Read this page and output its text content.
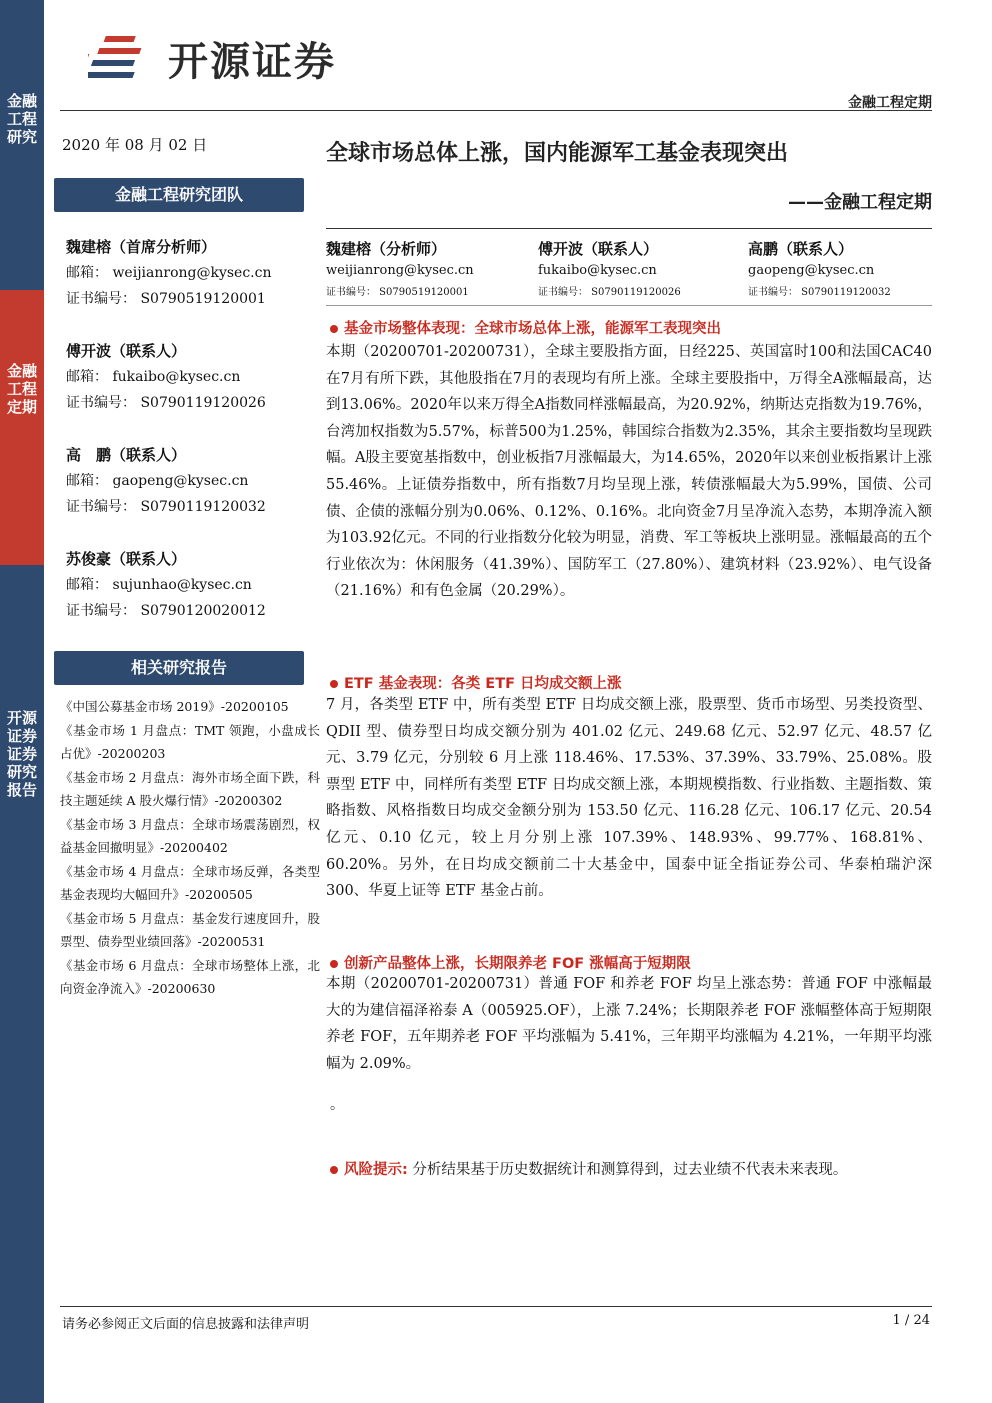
金融工程研究
金融工程定期
开源证券 证券研究报告
开源证券
金融工程定期
2020 年 08 月 02 日	全球市场总体上涨，国内能源军工基金表现突出
——金融工程定期
金融工程研究团队
魏建榕（首席分析师）
邮箱： weijianrong@kysec.cn
证书编号： S0790519120001
傅开波（联系人）
邮箱： fukaibo@kysec.cn
证书编号： S0790119120026
高　鹏（联系人）
邮箱： gaopeng@kysec.cn
证书编号： S0790119120032
苏俊豪（联系人）
邮箱： sujunhao@kysec.cn
证书编号： S0790120020012
魏建榕（分析师）
weijianrong@kysec.cn
证书编号： S0790519120001
傅开波（联系人）
fukaibo@kysec.cn
证书编号： S0790119120026
高鹏（联系人）
gaopeng@kysec.cn
证书编号： S0790119120032
相关研究报告
《中国公募基金市场 2019》-20200105
《基金市场 1 月盘点：TMT 领跑，小盘成长占优》-20200203
《基金市场 2 月盘点：海外市场全面下跌，科技主题延续 A 股火爆行情》-20200302
《基金市场 3 月盘点：全球市场震荡剧烈，权益基金回撤明显》-20200402
《基金市场 4 月盘点：全球市场反弹，各类型基金表现均大幅回升》-20200505
《基金市场 5 月盘点：基金发行速度回升，股票型、债券型业绩回落》-20200531
《基金市场 6 月盘点：全球市场整体上涨，北向资金净流入》-20200630
基金市场整体表现：全球市场总体上涨，能源军工表现突出
本期（20200701-20200731），全球主要股指方面，日经225、英国富时100和法国CAC40在7月有所下跌，其他股指在7月的表现均有所上涨。全球主要股指中，万得全A涨幅最高，达到13.06%。2020年以来万得全A指数同样涨幅最高，为20.92%，纳斯达克指数为19.76%，台湾加权指数为5.57%，标普500为1.25%，韩国综合指数为2.35%，其余主要指数均呈现跌幅。A股主要宽基指数中，创业板指7月涨幅最大，为14.65%，2020年以来创业板指累计上涨55.46%。上证债券指数中，所有指数7月均呈现上涨，转债涨幅最大为5.99%，国债、公司债、企债的涨幅分别为0.06%、0.12%、0.16%。北向资金7月呈净流入态势，本期净流入额为103.92亿元。不同的行业指数分化较为明显，消费、军工等板块上涨明显。涨幅最高的五个行业依次为：休闲服务（41.39%）、国防军工（27.80%）、建筑材料（23.92%）、电气设备（21.16%）和有色金属（20.29%）。
ETF 基金表现：各类 ETF 日均成交额上涨
7 月，各类型 ETF 中，所有类型 ETF 日均成交额上涨，股票型、货币市场型、另类投资型、QDII 型、债券型日均成交额分别为 401.02 亿元、249.68 亿元、52.97 亿元、48.57 亿元、3.79 亿元，分别较 6 月上涨 118.46%、17.53%、37.39%、33.79%、25.08%。股票型 ETF 中，同样所有类型 ETF 日均成交额上涨，本期规模指数、行业指数、主题指数、策略指数、风格指数日均成交金额分别为 153.50 亿元、116.28 亿元、106.17 亿元、20.54 亿元、0.10 亿元，较上月分别上涨 107.39%、148.93%、99.77%、168.81%、60.20%。另外，在日均成交额前二十大基金中，国泰中证全指证券公司、华泰柏瑞沪深 300、华夏上证等 ETF 基金占前。
创新产品整体上涨，长期限养老 FOF 涨幅高于短期限
本期（20200701-20200731）普通 FOF 和养老 FOF 均呈上涨态势：普通 FOF 中涨幅最大的为建信福泽裕泰 A（005925.OF），上涨 7.24%；长期限养老 FOF 涨幅整体高于短期限养老 FOF，五年期养老 FOF 平均涨幅为 5.41%，三年期平均涨幅为 4.21%，一年期平均涨幅为 2.09%。
。
风险提示: 分析结果基于历史数据统计和测算得到，过去业绩不代表未来表现。
请务必参阅正文后面的信息披露和法律声明	1 / 24
